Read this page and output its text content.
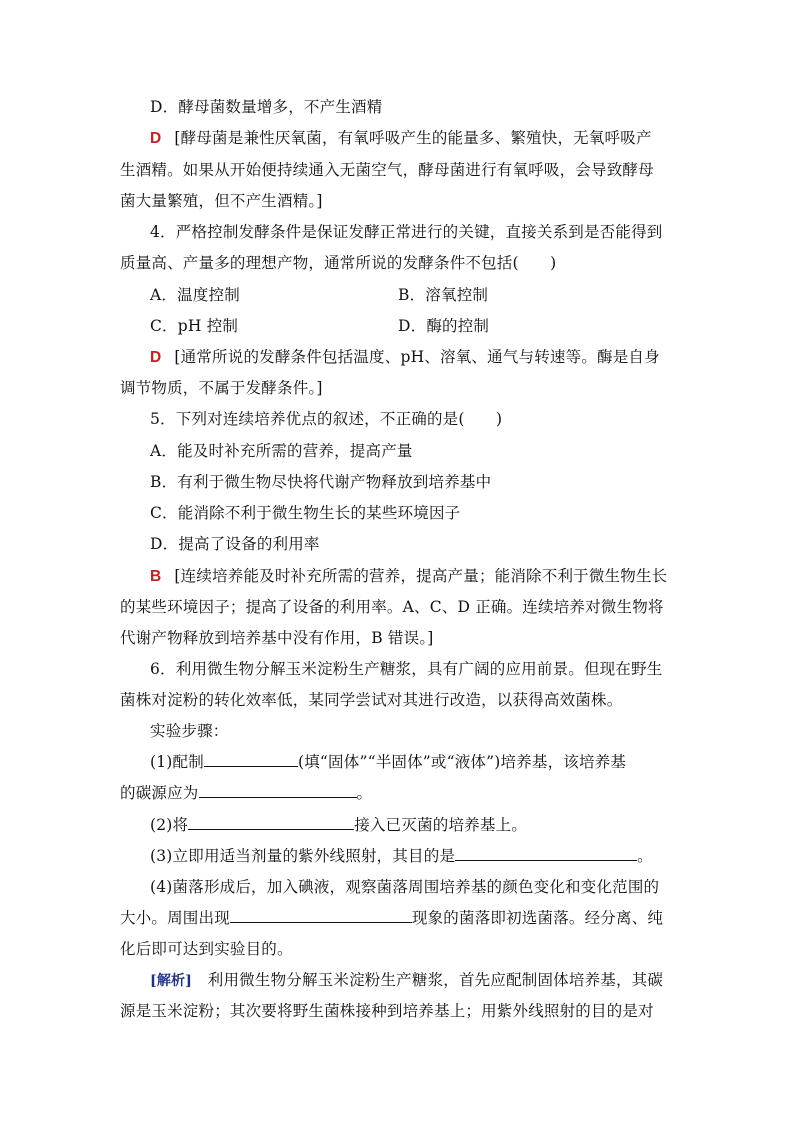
D．酵母菌数量增多，不产生酒精
D [酵母菌是兼性厌氧菌，有氧呼吸产生的能量多、繁殖快，无氧呼吸产
生酒精。如果从开始便持续通入无菌空气，酵母菌进行有氧呼吸，会导致酵母
菌大量繁殖，但不产生酒精。]
4．严格控制发酵条件是保证发酵正常进行的关键，直接关系到是否能得到
质量高、产量多的理想产物，通常所说的发酵条件不包括(　　)
A．温度控制	B．溶氧控制
C．pH 控制	D．酶的控制
D [通常所说的发酵条件包括温度、pH、溶氧、通气与转速等。酶是自身
调节物质，不属于发酵条件。]
5．下列对连续培养优点的叙述，不正确的是(　　)
A．能及时补充所需的营养，提高产量
B．有利于微生物尽快将代谢产物释放到培养基中
C．能消除不利于微生物生长的某些环境因子
D．提高了设备的利用率
B [连续培养能及时补充所需的营养，提高产量；能消除不利于微生物生长
的某些环境因子；提高了设备的利用率。A、C、D 正确。连续培养对微生物将
代谢产物释放到培养基中没有作用，B 错误。]
6．利用微生物分解玉米淀粉生产糖浆，具有广阔的应用前景。但现在野生
菌株对淀粉的转化效率低，某同学尝试对其进行改造，以获得高效菌株。
实验步骤：
(1)配制	(填“固体”“半固体”或“液体”)培养基，该培养基
的碳源应为	。
(2)将	接入已灭菌的培养基上。
(3)立即用适当剂量的紫外线照射，其目的是	。
(4)菌落形成后，加入碘液，观察菌落周围培养基的颜色变化和变化范围的
大小。周围出现	现象的菌落即初选菌落。经分离、纯
化后即可达到实验目的。
[解析]　利用微生物分解玉米淀粉生产糖浆，首先应配制固体培养基，其碳
源是玉米淀粉；其次要将野生菌株接种到培养基上；用紫外线照射的目的是对
